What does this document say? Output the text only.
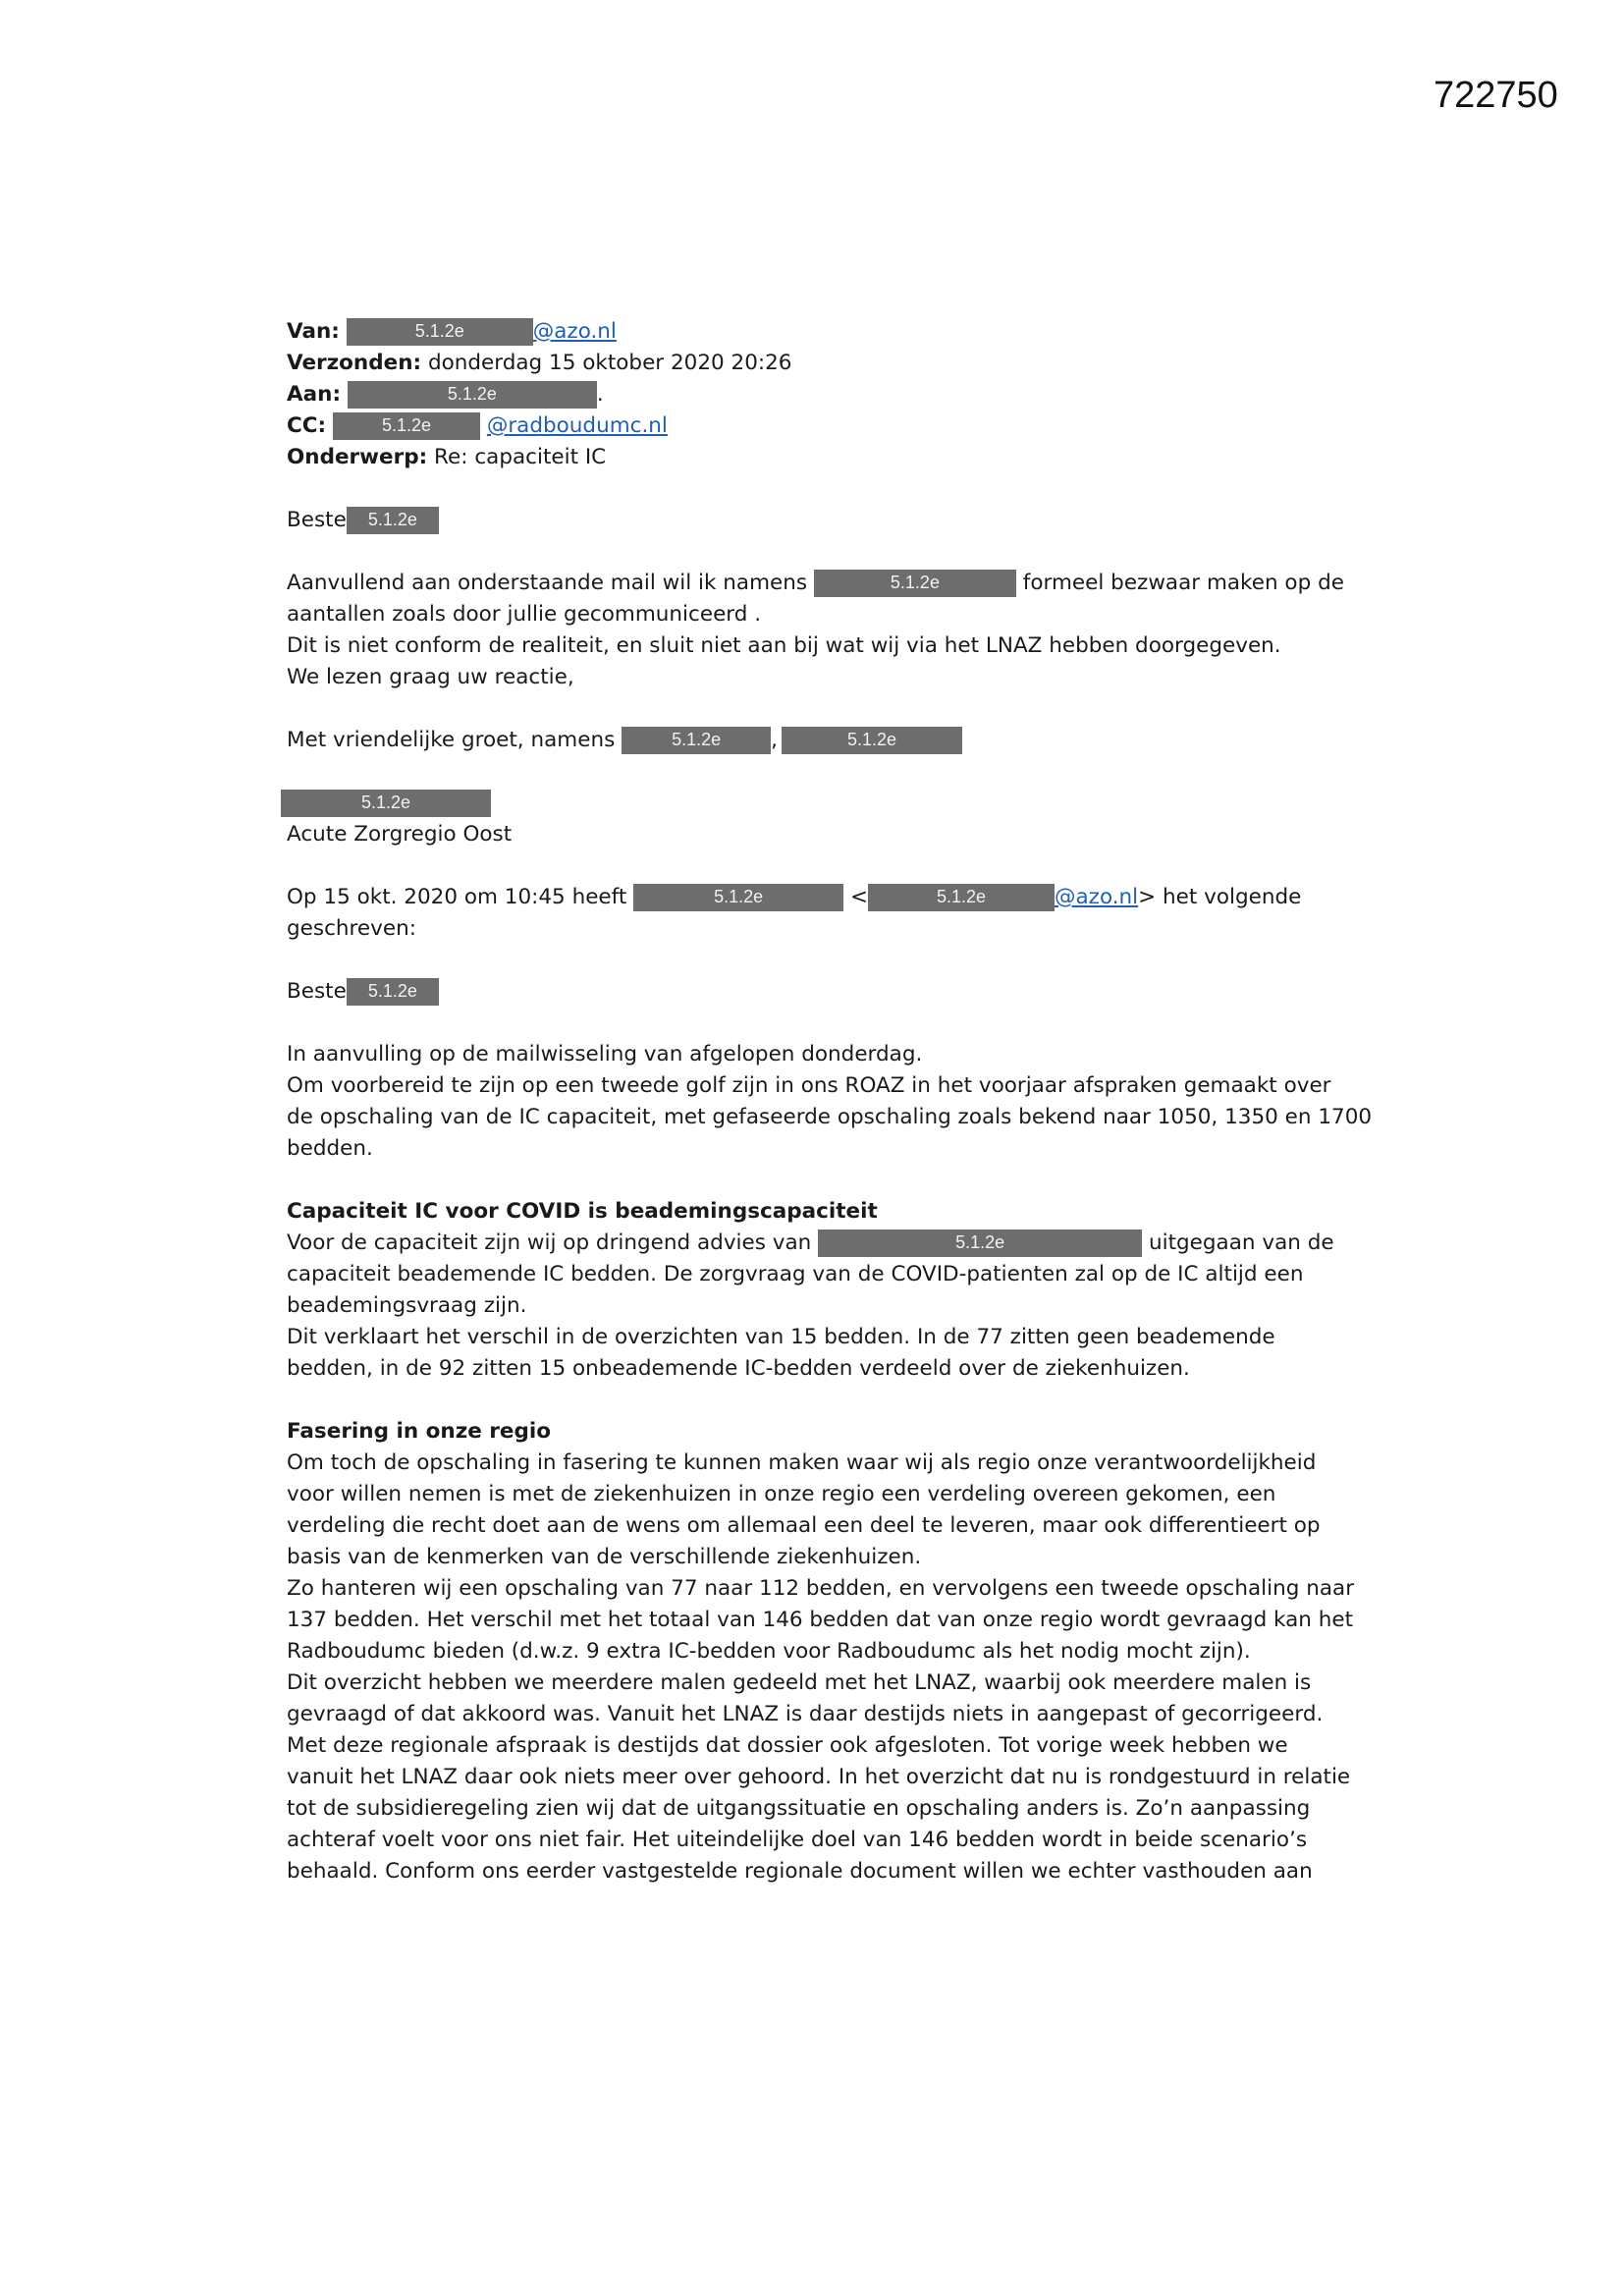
722750
Van:	5.1.2e	@azo.nl
Verzonden: donderdag 15 oktober 2020 20:26
Aan:	5.1.2e	.
CC:	5.1.2e	@radboudumc.nl
Onderwerp: Re: capaciteit IC
Beste 5.1.2e
Aanvullend aan onderstaande mail wil ik namens	5.1.2e	formeel bezwaar maken op de
aantallen zoals door jullie gecommuniceerd .
Dit is niet conform de realiteit, en sluit niet aan bij wat wij via het LNAZ hebben doorgegeven.
We lezen graag uw reactie,
Met vriendelijke groet, namens	5.1.2e ,	5.1.2e
5.1.2e
Acute Zorgregio Oost
Op 15 okt. 2020 om 10:45 heeft	5.1.2e	<	5.1.2e	@azo.nl> het volgende
geschreven:
Beste 5.1.2e
In aanvulling op de mailwisseling van afgelopen donderdag.
Om voorbereid te zijn op een tweede golf zijn in ons ROAZ in het voorjaar afspraken gemaakt over
de opschaling van de IC capaciteit, met gefaseerde opschaling zoals bekend naar 1050, 1350 en 1700
bedden.
Capaciteit IC voor COVID is beademingscapaciteit
Voor de capaciteit zijn wij op dringend advies van	5.1.2e	uitgegaan van de
capaciteit beademende IC bedden. De zorgvraag van de COVID-patienten zal op de IC altijd een
beademingsvraag zijn.
Dit verklaart het verschil in de overzichten van 15 bedden. In de 77 zitten geen beademende
bedden, in de 92 zitten 15 onbeademende IC-bedden verdeeld over de ziekenhuizen.
Fasering in onze regio
Om toch de opschaling in fasering te kunnen maken waar wij als regio onze verantwoordelijkheid
voor willen nemen is met de ziekenhuizen in onze regio een verdeling overeen gekomen, een
verdeling die recht doet aan de wens om allemaal een deel te leveren, maar ook differentieert op
basis van de kenmerken van de verschillende ziekenhuizen.
Zo hanteren wij een opschaling van 77 naar 112 bedden, en vervolgens een tweede opschaling naar
137 bedden. Het verschil met het totaal van 146 bedden dat van onze regio wordt gevraagd kan het
Radboudumc bieden (d.w.z. 9 extra IC-bedden voor Radboudumc als het nodig mocht zijn).
Dit overzicht hebben we meerdere malen gedeeld met het LNAZ, waarbij ook meerdere malen is
gevraagd of dat akkoord was. Vanuit het LNAZ is daar destijds niets in aangepast of gecorrigeerd.
Met deze regionale afspraak is destijds dat dossier ook afgesloten. Tot vorige week hebben we
vanuit het LNAZ daar ook niets meer over gehoord. In het overzicht dat nu is rondgestuurd in relatie
tot de subsidieregeling zien wij dat de uitgangssituatie en opschaling anders is. Zo’n aanpassing
achteraf voelt voor ons niet fair. Het uiteindelijke doel van 146 bedden wordt in beide scenario’s
behaald. Conform ons eerder vastgestelde regionale document willen we echter vasthouden aan
